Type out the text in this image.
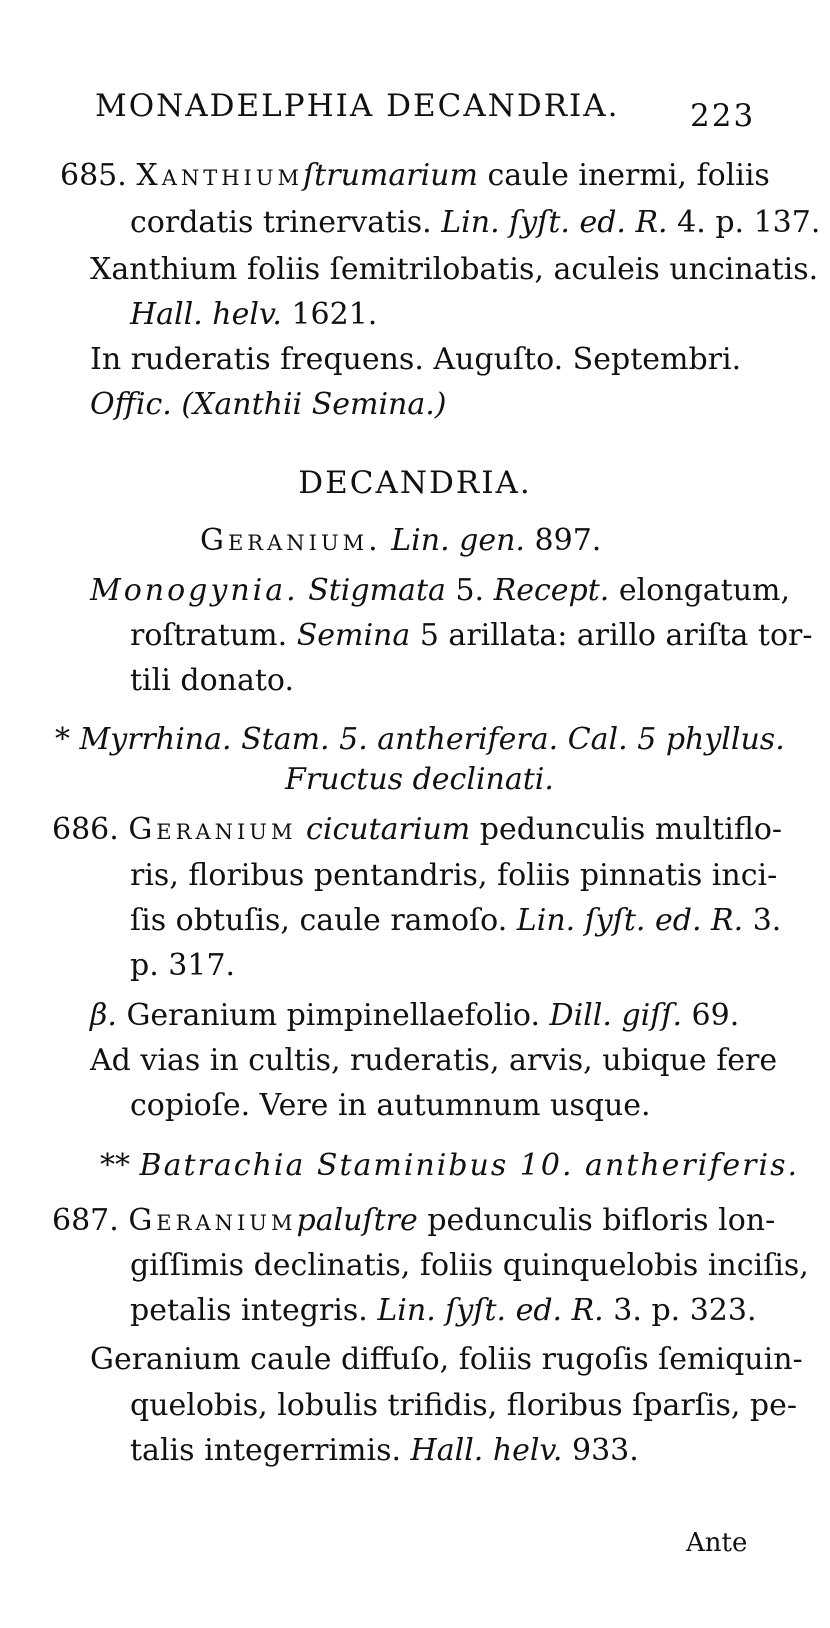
MONADELPHIA DECANDRIA. 223
685. Xanthiumſtrumarium caule inermi, foliis
cordatis trinervatis. Lin. ſyſt. ed. R. 4. p. 137.
Xanthium foliis ſemitrilobatis, aculeis uncinatis.
Hall. helv. 1621.
In ruderatis frequens. Auguſto. Septembri.
Offic. (Xanthii Semina.)
DECANDRIA.
Geranium. Lin. gen. 897.
Monogynia. Stigmata 5. Recept. elongatum,
roſtratum. Semina 5 arillata: arillo ariſta tor-
tili donato.
* Myrrhina. Stam. 5. antherifera. Cal. 5 phyllus.
Fructus declinati.
686. Geranium cicutarium pedunculis multiflo-
ris, floribus pentandris, foliis pinnatis inci-
ſis obtuſis, caule ramoſo. Lin. ſyſt. ed. R. 3.
p. 317.
β. Geranium pimpinellaefolio. Dill. giſſ. 69.
Ad vias in cultis, ruderatis, arvis, ubique fere
copioſe. Vere in autumnum usque.
** Batrachia Staminibus 10. antheriferis.
687. Geraniumpaluſtre pedunculis bifloris lon-
giſſimis declinatis, foliis quinquelobis inciſis,
petalis integris. Lin. ſyſt. ed. R. 3. p. 323.
Geranium caule diffuſo, foliis rugoſis ſemiquin-
quelobis, lobulis trifidis, floribus ſparſis, pe-
talis integerrimis. Hall. helv. 933.
Ante
